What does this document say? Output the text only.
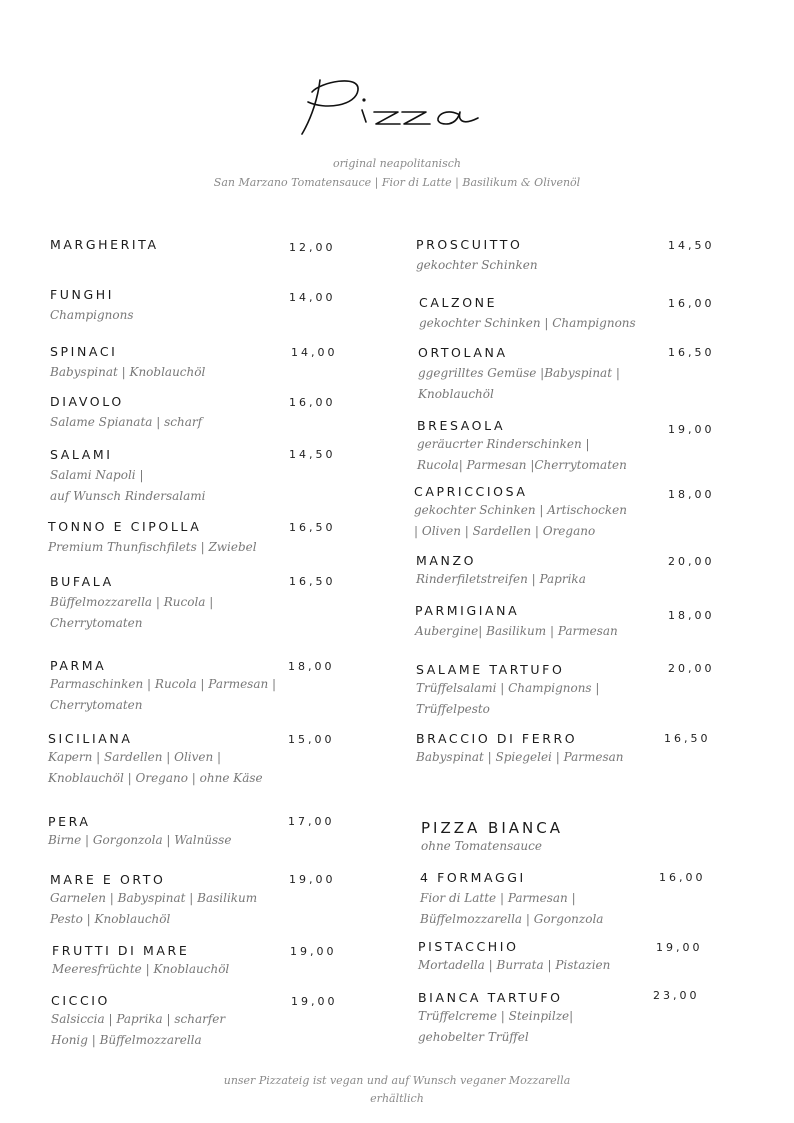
original neapolitanisch
San Marzano Tomatensauce | Fior di Latte | Basilikum & Olivenöl
MARGHERITA	12,00
FUNGHI
Champignons
14,00
SPINACI
Babyspinat | Knoblauchöl
14,00
DIAVOLO
Salame Spianata | scharf
16,00
SALAMI
Salami Napoli |
auf Wunsch Rindersalami
14,50
TONNO E CIPOLLA
Premium Thunfischfilets | Zwiebel
16,50
BUFALA
Büffelmozzarella | Rucola |
Cherrytomaten
16,50
PARMA
Parmaschinken | Rucola | Parmesan |
Cherrytomaten
18,00
SICILIANA
Kapern | Sardellen | Oliven |
Knoblauchöl | Oregano | ohne Käse
15,00
PERA
Birne | Gorgonzola | Walnüsse
17,00
MARE E ORTO
Garnelen | Babyspinat | Basilikum
Pesto | Knoblauchöl
19,00
FRUTTI DI MARE
Meeresfrüchte | Knoblauchöl
19,00
CICCIO
Salsiccia | Paprika | scharfer
Honig | Büffelmozzarella
19,00
PROSCUITTO
gekochter Schinken
14,50
CALZONE
gekochter Schinken | Champignons
16,00
ORTOLANA
ggegrilltes Gemüse |Babyspinat |
Knoblauchöl
16,50
BRESAOLA
geräucrter Rinderschinken |
Rucola| Parmesan |Cherrytomaten
19,00
CAPRICCIOSA
gekochter Schinken | Artischocken
| Oliven | Sardellen | Oregano
18,00
MANZO
Rinderfiletstreifen | Paprika
20,00
PARMIGIANA
Aubergine| Basilikum | Parmesan
18,00
SALAME TARTUFO
Trüffelsalami | Champignons |
Trüffelpesto
20,00
BRACCIO DI FERRO
Babyspinat | Spiegelei | Parmesan
16,50
PIZZA BIANCA
ohne Tomatensauce
4 FORMAGGI
Fior di Latte | Parmesan |
Büffelmozzarella | Gorgonzola
16,00
PISTACCHIO
Mortadella | Burrata | Pistazien
19,00
BIANCA TARTUFO
Trüffelcreme | Steinpilze|
gehobelter Trüffel
23,00
unser Pizzateig ist vegan und auf Wunsch veganer Mozzarella
erhältlich
